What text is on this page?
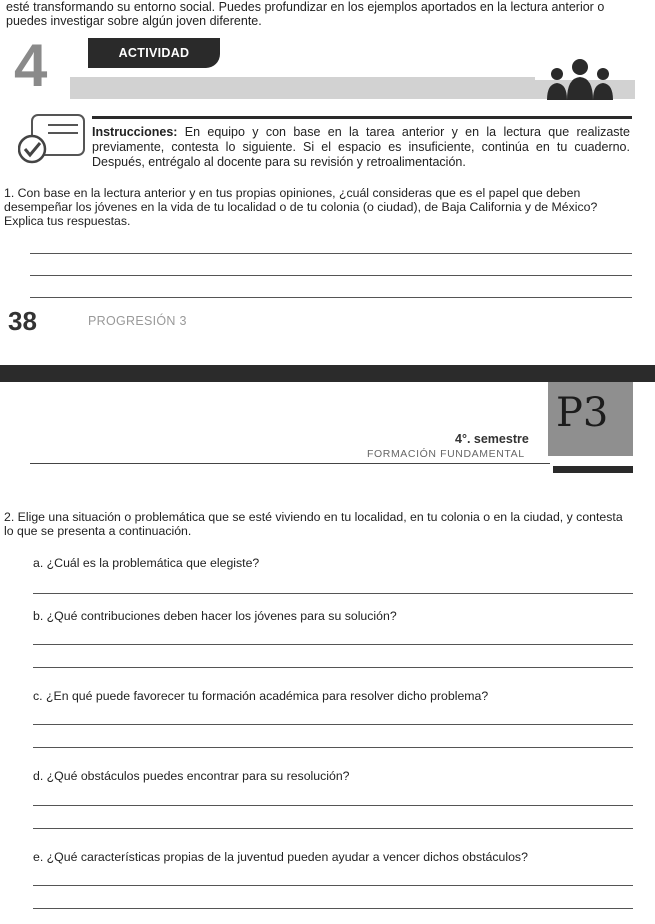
esté transformando su entorno social. Puedes profundizar en los ejemplos aportados en la lectura anterior o puedes investigar sobre algún joven diferente.
4	ACTIVIDAD
Instrucciones: En equipo y con base en la tarea anterior y en la lectura que realizaste previamente, contesta lo siguiente. Si el espacio es insuficiente, continúa en tu cuaderno. Después, entrégalo al docente para su revisión y retroalimentación.
1. Con base en la lectura anterior y en tus propias opiniones, ¿cuál consideras que es el papel que deben desempeñar los jóvenes en la vida de tu localidad o de tu colonia (o ciudad), de Baja California y de México? Explica tus respuestas.
38	PROGRESIÓN 3
P3
4°. semestre
FORMACIÓN FUNDAMENTAL
2. Elige una situación o problemática que se esté viviendo en tu localidad, en tu colonia o en la ciudad, y contesta lo que se presenta a continuación.
a. ¿Cuál es la problemática que elegiste?
b. ¿Qué contribuciones deben hacer los jóvenes para su solución?
c. ¿En qué puede favorecer tu formación académica para resolver dicho problema?
d. ¿Qué obstáculos puedes encontrar para su resolución?
e. ¿Qué características propias de la juventud pueden ayudar a vencer dichos obstáculos?
